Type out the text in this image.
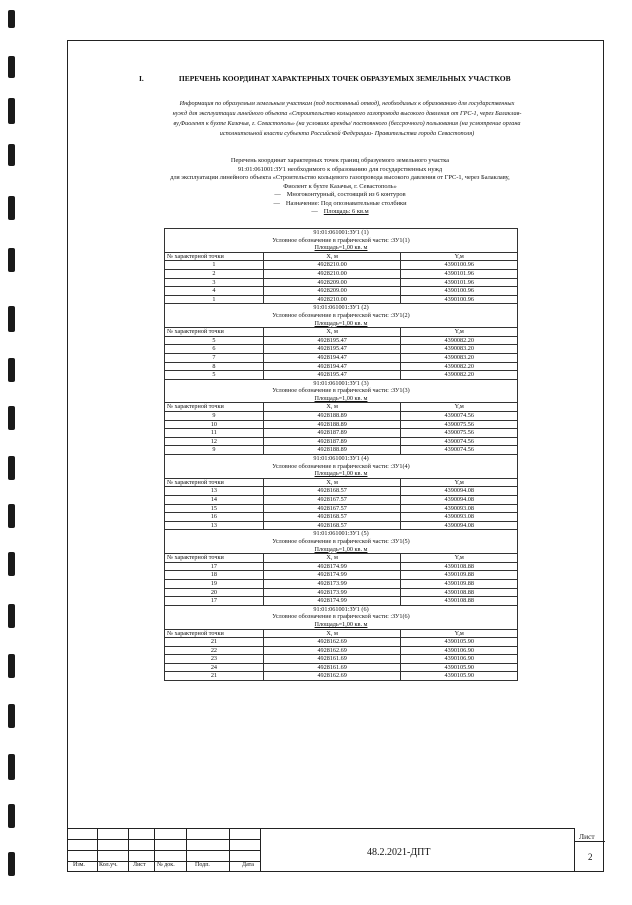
I.	ПЕРЕЧЕНЬ КООРДИНАТ ХАРАКТЕРНЫХ ТОЧЕК ОБРАЗУЕМЫХ ЗЕМЕЛЬНЫХ УЧАСТКОВ
Информация по образуемым земельным участкам (под постоянный отвод), необходимых к образованию для государственных
нужд для эксплуатации линейного объекта «Строительство кольцевого газопровода высокого давления от ГРС-1, через Балаклав-
ву,Фиолент к бухте Казачья, г. Севастополь» (на условиях аренды/ постоянного (бессрочного) пользования (на усмотрение органа
исполнительной власти субъекта Российской Федерации- Правительства города Севастополя)
Перечень координат характерных точек границ образуемого земельного участка
91:01:061001:ЗУ1 необходимого к образованию для государственных нужд
для эксплуатации линейного объекта «Строительство кольцевого газопровода высокого давления от ГРС-1, через Балаклаву,
Фиолент к бухте Казачья, г. Севастополь»
— Многоконтурный, состоящий из 6 контуров
— Назначение: Под опознавательные столбики
— Площадь: 6 кв.м
91:01:061001:ЗУ1 (1)		
Условное обозначение в графической части: :ЗУ1(1)		
Площадь=1,00 кв. м		
№ характерной точки	Х, м	Y,м
1	4928210.00	4390100.96
2	4928210.00	4390101.96
3	4928209.00	4390101.96
4	4928209.00	4390100.96
1	4928210.00	4390100.96
91:01:061001:ЗУ1 (2)		
Условное обозначение в графической части: :ЗУ1(2)		
Площадь=1,00 кв. м		
№ характерной точки	Х, м	Y,м
5	4928195.47	4390082.20
6	4928195.47	4390083.20
7	4928194.47	4390083.20
8	4928194.47	4390082.20
5	4928195.47	4390082.20
91:01:061001:ЗУ1 (3)		
Условное обозначение в графической части: :ЗУ1(3)		
Площадь=1,00 кв. м		
№ характерной точки	Х, м	Y,м
9	4928188.89	4390074.56
10	4928188.89	4390075.56
11	4928187.89	4390075.56
12	4928187.89	4390074.56
9	4928188.89	4390074.56
91:01:061001:ЗУ1 (4)		
Условное обозначение в графической части: :ЗУ1(4)		
Площадь=1,00 кв. м		
№ характерной точки	Х, м	Y,м
13	4928168.57	4390094.08
14	4928167.57	4390094.08
15	4928167.57	4390093.08
16	4928168.57	4390093.08
13	4928168.57	4390094.08
91:01:061001:ЗУ1 (5)		
Условное обозначение в графической части: :ЗУ1(5)		
Площадь=1,00 кв. м		
№ характерной точки	Х, м	Y,м
17	4928174.99	4390108.88
18	4928174.99	4390109.88
19	4928173.99	4390109.88
20	4928173.99	4390108.88
17	4928174.99	4390108.88
91:01:061001:ЗУ1 (6)		
Условное обозначение в графической части: :ЗУ1(6)		
Площадь=1,00 кв. м		
№ характерной точки	Х, м	Y,м
21	4928162.69	4390105.90
22	4928162.69	4390106.90
23	4928161.69	4390106.90
24	4928161.69	4390105.90
21	4928162.69	4390105.90
Изм. Кол.уч.	Лист № док.	Подп.	Дата
48.2.2021-ДПТ
Лист
2
